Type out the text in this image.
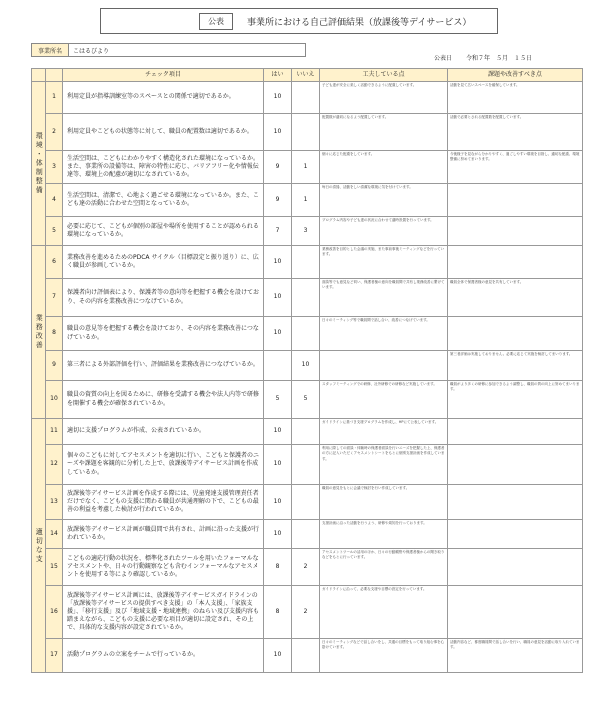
公表	事業所における自己評価結果（放課後等デイサービス）
事業所名	こはるびより
公表日 令和７年　５月　１５日
		チェック項目	はい	いいえ	工夫している点	課題や改善すべき点

環境・体制整備	1	利用定員が指導訓練室等のスペースとの関係で適切であるか。	10		子ども達が安全に楽しく活動できるように配慮しています。	活動を見て広いスペースを確保しています。
	2	利用定員やこどもの状態等に対して、職員の配置数は適切であるか。	10		配置数が適切になるよう配置しています。	活動で必要とされる配置数を配置しています。
	3	生活空間は、こどもにわかりやすく構造化された環境になっているか。また、事業所の設備等は、障害の特性に応じ、バリアフリー化や情報伝達等、環境上の配慮が適切になされているか。	9	1	個々に応じた配慮をしています。	今後様子を見ながら分かりやすく、過ごしやすい環境を目指し、適切な配慮、環境整備に努めてまいります。
	4	生活空間は、清潔で、心地よく過ごせる環境になっているか。また、こども達の活動に合わせた空間となっているか。	9	1	毎日の清掃、活動をしい清潔な環境に気を付けています。	
	5	必要に応じて、こどもが個別の部屋や場所を使用することが認められる環境になっているか。	7	3	プログラム内容や子ども達の状況に合わせて適時設置を行っています。	

業務改善	6	業務改善を進めるためのPDCA サイクル（目標設定と振り返り）に、広く職員が参画しているか。	10		業務改善を目的とした会議の実施、また事前事後ミーティングなどを行っています。	
	7	保護者向け評価表により、保護者等の意向等を把握する機会を設けており、その内容を業務改善につなげているか。	10		面談等でも意見など伺い、保護者様の意向を職員間で共有し業務改善に繋げています。	職員全体で保護者様の意見を共有しています。
	8	職員の意見等を把握する機会を設けており、その内容を業務改善につなげているか。	10		日々のミーティング等で職員間で話し合い、改善につなげています。	
	9	第三者による外部評価を行い、評価結果を業務改善につなげているか。		10		第三者評価は実施しておりません。必要に応じて実施を検討してまいります。
	10	職員の資質の向上を図るために、研修を受講する機会や法人内等で研修を開催する機会が確保されているか。	5	5	スタッフミーティングでの研修、社外研修での研修など実施しています。	職員がより多くの研修に参加できるよう調整し、職員の質の向上に努めてまいります。

適切な支	11	適切に支援プログラムが作成、公表されているか。	10		ガイドラインに基づき支援プログラムを作成し、HPにて公表しています。	
	12	個々のこどもに対してアセスメントを適切に行い、こどもと保護者のニーズや課題を客観的に分析した上で、放課後等デイサービス計画を作成しているか。	10		利用に際しての面談・体験時の保護者面談を行いニーズを把握した上、保護者の方に記入いただくアセスメントシートをもとに個別支援計画を作成しています。	
	13	放課後等デイサービス計画を作成する際には、児童発達支援管理責任者だけでなく、こどもの支援に関わる職員が共通理解の下で、こどもの最善の利益を考慮した検討が行われているか。	10		職員の意見をもとに会議で検討を行い作成しています。	
	14	放課後等デイサービス計画が職員間で共有され、計画に沿った支援が行われているか。	10		支援計画に沿った活動を行うよう、研修や周知を行っております。	
	15	こどもの適応行動の状況を、標準化されたツールを用いたフォーマルなアセスメントや、日々の行動観察なども含むインフォーマルなアセスメントを使用する等により確認しているか。	8	2	アセスメントツールの活用のほか、日々の行動観察や保護者様からの聞き取りなどをもとに行っています。	
	16	放課後等デイサービス計画には、放課後等デイサービスガイドラインの「放課後等デイサービスの提供すべき支援」の「本人支援」、「家族支援」、「移行支援」及び「地域支援・地域連携」のねらい及び支援内容も踏まえながら、こどもの支援に必要な項目が適切に設定され、その上で、具体的な支援内容が設定されているか。	8	2	ガイドラインに沿って、必要な支援や目標の設定を行っています。	
	17	活動プログラムの立案をチームで行っているか。	10		日々のミーティングなどで話し合いをし、共通の目標をもって取り組む事を心掛けています。	活動内容など、都度職員間で話し合いを行い、職員の意見を活動に取り入れています。
